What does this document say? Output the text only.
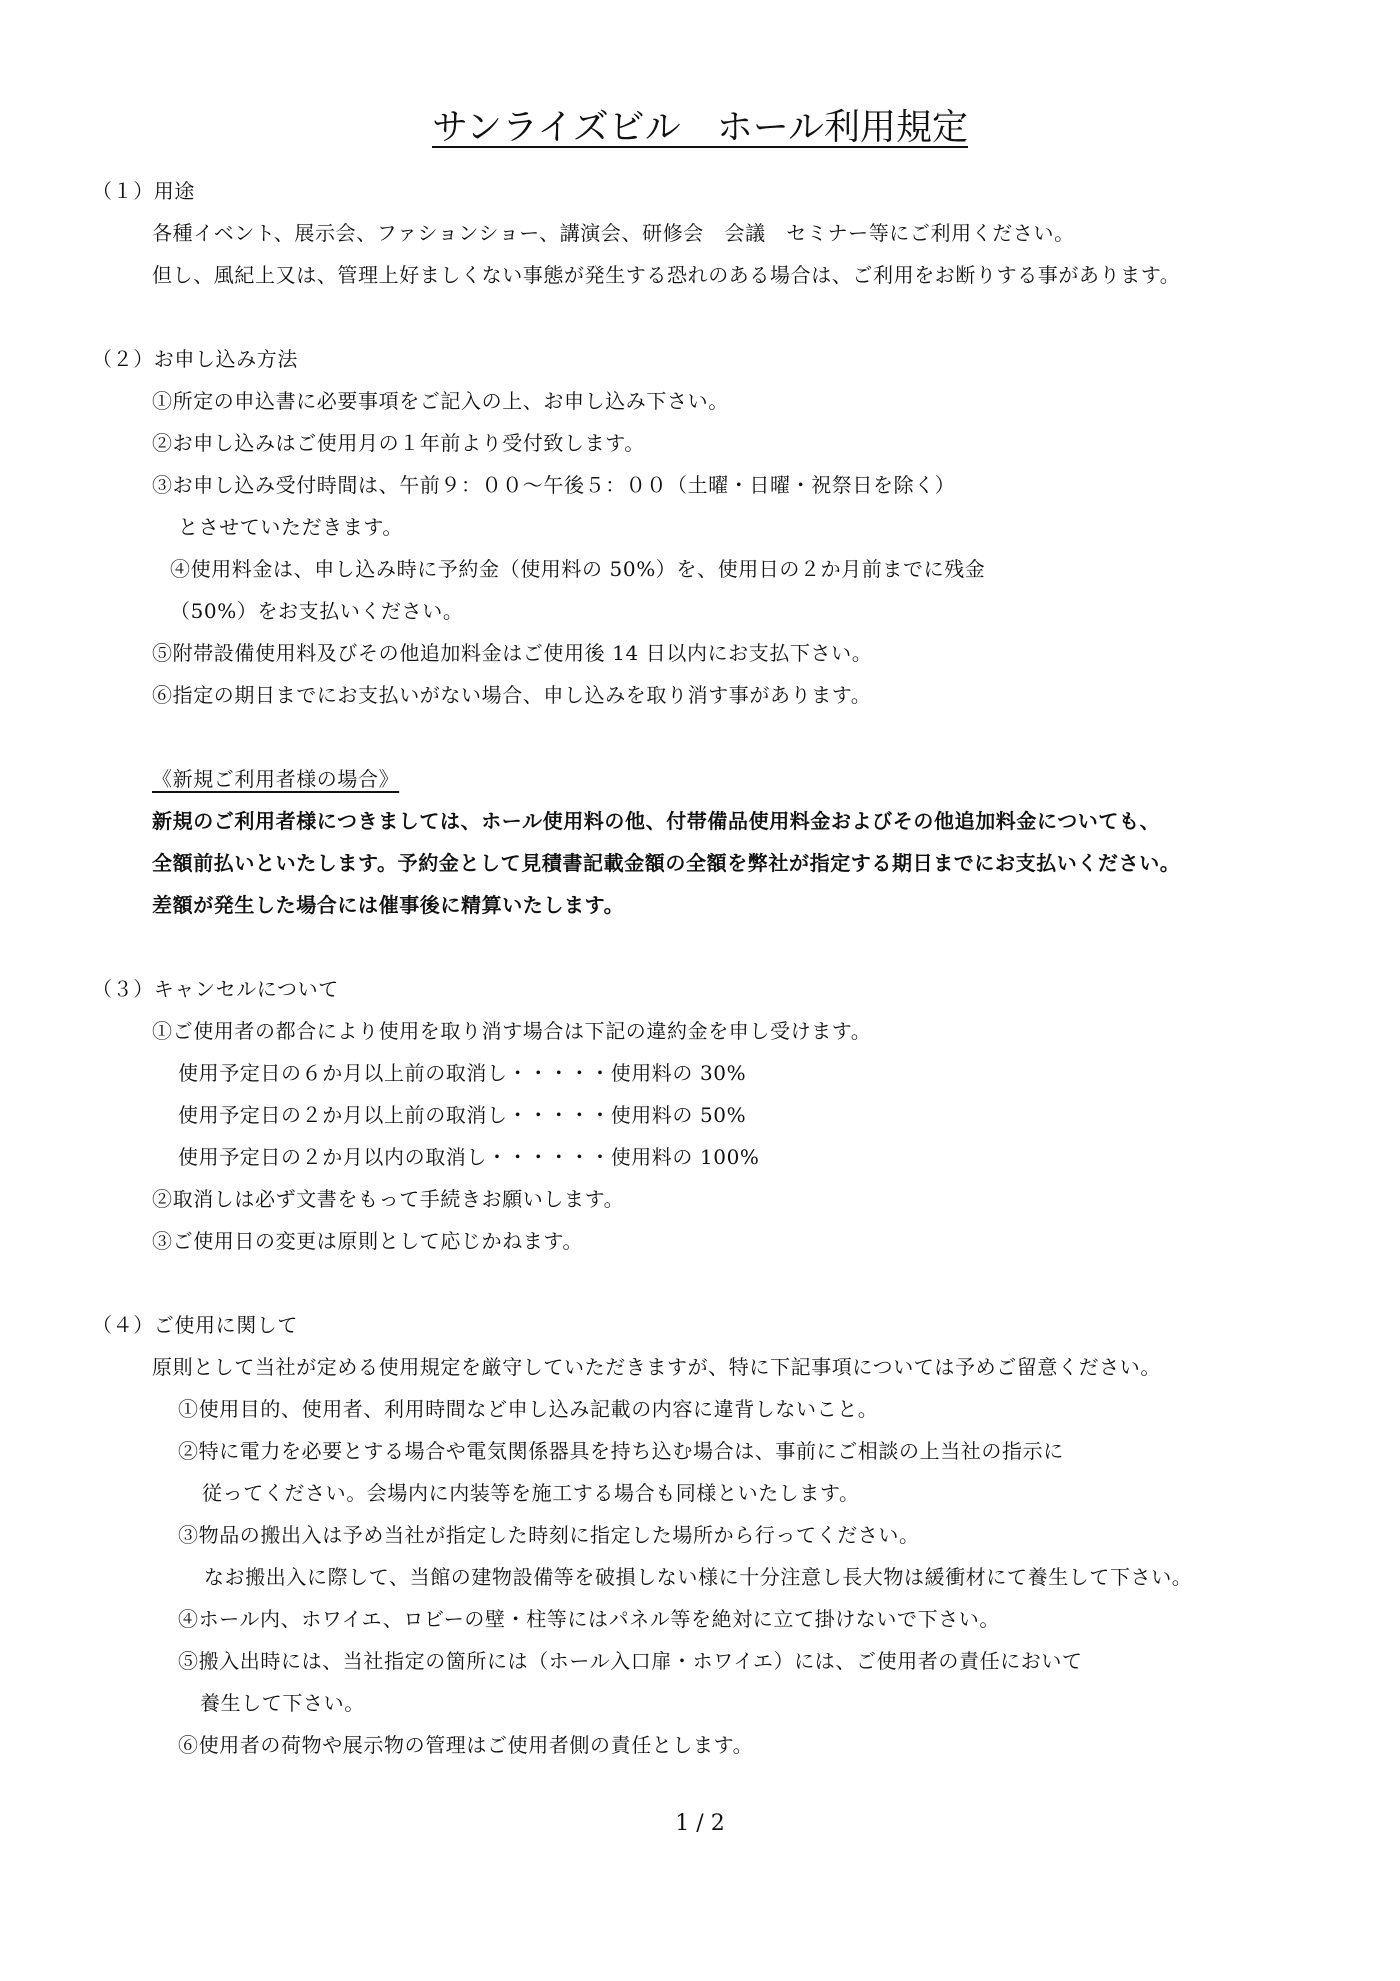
サンライズビル　ホール利用規定
（１）用途
各種イベント、展示会、ファションショー、講演会、研修会　会議　セミナー等にご利用ください。
但し、風紀上又は、管理上好ましくない事態が発生する恐れのある場合は、ご利用をお断りする事があります。
（２）お申し込み方法
①所定の申込書に必要事項をご記入の上、お申し込み下さい。
②お申し込みはご使用月の１年前より受付致します。
③お申し込み受付時間は、午前９：００～午後５：００（土曜・日曜・祝祭日を除く）
とさせていただきます。
④使用料金は、申し込み時に予約金（使用料の 50%）を、使用日の２か月前までに残金
（50%）をお支払いください。
⑤附帯設備使用料及びその他追加料金はご使用後 14 日以内にお支払下さい。
⑥指定の期日までにお支払いがない場合、申し込みを取り消す事があります。
《新規ご利用者様の場合》
新規のご利用者様につきましては、ホール使用料の他、付帯備品使用料金およびその他追加料金についても、
全額前払いといたします。予約金として見積書記載金額の全額を弊社が指定する期日までにお支払いください。
差額が発生した場合には催事後に精算いたします。
（３）キャンセルについて
①ご使用者の都合により使用を取り消す場合は下記の違約金を申し受けます。
使用予定日の６か月以上前の取消し・・・・・使用料の 30%
使用予定日の２か月以上前の取消し・・・・・使用料の 50%
使用予定日の２か月以内の取消し・・・・・・使用料の 100%
②取消しは必ず文書をもって手続きお願いします。
③ご使用日の変更は原則として応じかねます。
（４）ご使用に関して
原則として当社が定める使用規定を厳守していただきますが、特に下記事項については予めご留意ください。
①使用目的、使用者、利用時間など申し込み記載の内容に違背しないこと。
②特に電力を必要とする場合や電気関係器具を持ち込む場合は、事前にご相談の上当社の指示に
従ってください。会場内に内装等を施工する場合も同様といたします。
③物品の搬出入は予め当社が指定した時刻に指定した場所から行ってください。
なお搬出入に際して、当館の建物設備等を破損しない様に十分注意し長大物は緩衝材にて養生して下さい。
④ホール内、ホワイエ、ロビーの壁・柱等にはパネル等を絶対に立て掛けないで下さい。
⑤搬入出時には、当社指定の箇所には（ホール入口扉・ホワイエ）には、ご使用者の責任において
養生して下さい。
⑥使用者の荷物や展示物の管理はご使用者側の責任とします。
1 / 2
